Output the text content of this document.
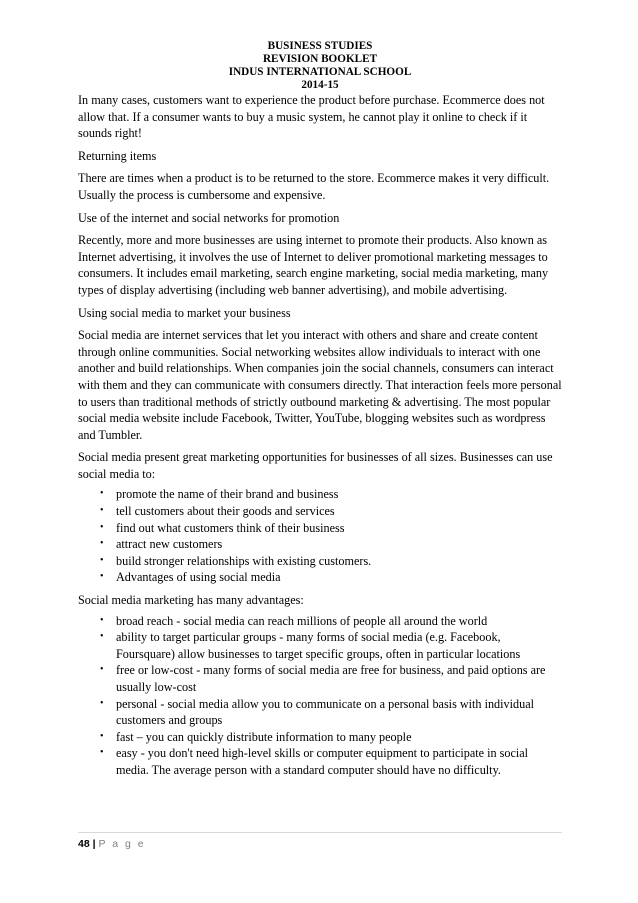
BUSINESS STUDIES
REVISION BOOKLET
INDUS INTERNATIONAL SCHOOL
2014-15

In many cases, customers want to experience the product before purchase. Ecommerce does not allow that. If a consumer wants to buy a music system, he cannot play it online to check if it sounds right!

Returning items

There are times when a product is to be returned to the store. Ecommerce makes it very difficult. Usually the process is cumbersome and expensive.

Use of the internet and social networks for promotion

Recently, more and more businesses are using internet to promote their products. Also known as Internet advertising, it involves the use of Internet to deliver promotional marketing messages to consumers. It includes email marketing, search engine marketing, social media marketing, many types of display advertising (including web banner advertising), and mobile advertising.

Using social media to market your business

Social media are internet services that let you interact with others and share and create content through online communities. Social networking websites allow individuals to interact with one another and build relationships. When companies join the social channels, consumers can interact with them and they can communicate with consumers directly. That interaction feels more personal to users than traditional methods of strictly outbound marketing & advertising. The most popular social media website include Facebook, Twitter, YouTube, blogging websites such as wordpress and Tumbler.

Social media present great marketing opportunities for businesses of all sizes. Businesses can use social media to:

• promote the name of their brand and business
• tell customers about their goods and services
• find out what customers think of their business
• attract new customers
• build stronger relationships with existing customers.
• Advantages of using social media

Social media marketing has many advantages:

• broad reach - social media can reach millions of people all around the world
• ability to target particular groups - many forms of social media (e.g. Facebook, Foursquare) allow businesses to target specific groups, often in particular locations
• free or low-cost - many forms of social media are free for business, and paid options are usually low-cost
• personal - social media allow you to communicate on a personal basis with individual customers and groups
• fast – you can quickly distribute information to many people
• easy - you don't need high-level skills or computer equipment to participate in social media. The average person with a standard computer should have no difficulty.
48 | P a g e
